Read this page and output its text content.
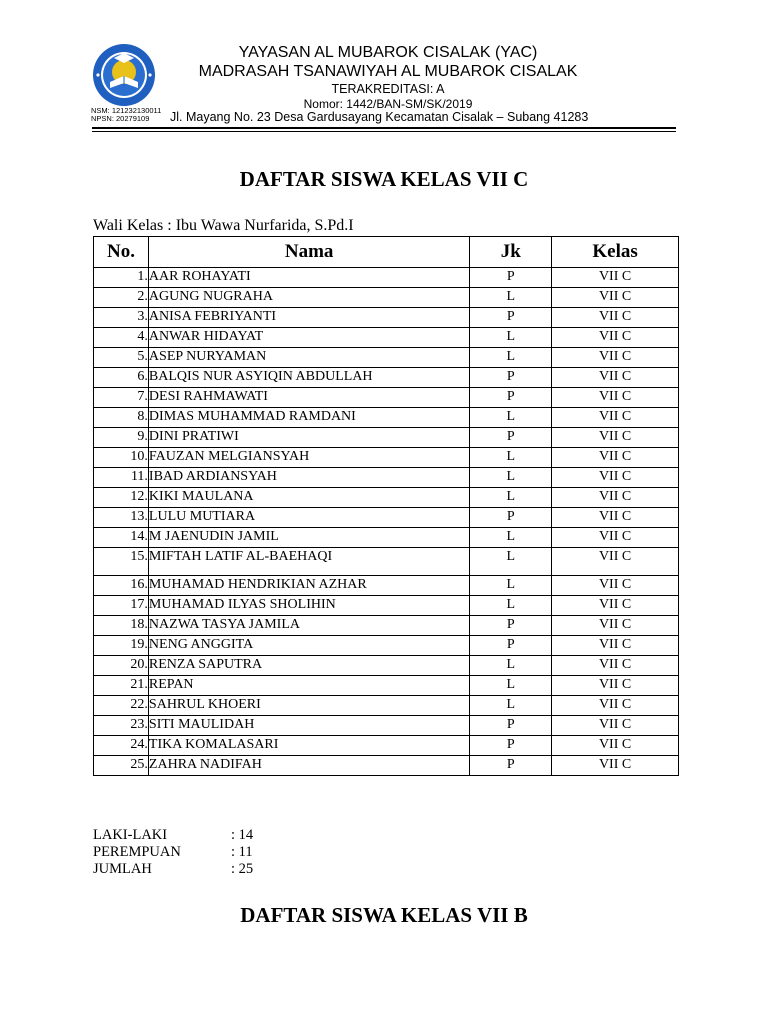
YAYASAN AL MUBAROK CISALAK (YAC)
MADRASAH TSANAWIYAH AL MUBAROK CISALAK
TERAKREDITASI: A
Nomor: 1442/BAN-SM/SK/2019
Jl. Mayang No. 23 Desa Gardusayang Kecamatan Cisalak – Subang 41283
NSM: 121232130011
NPSN: 20279109
DAFTAR SISWA KELAS VII C
Wali Kelas : Ibu Wawa Nurfarida, S.Pd.I
No.	Nama	Jk	Kelas
1.	AAR ROHAYATI	P	VII C
2.	AGUNG NUGRAHA	L	VII C
3.	ANISA FEBRIYANTI	P	VII C
4.	ANWAR HIDAYAT	L	VII C
5.	ASEP NURYAMAN	L	VII C
6.	BALQIS NUR ASYIQIN ABDULLAH	P	VII C
7.	DESI RAHMAWATI	P	VII C
8.	DIMAS MUHAMMAD RAMDANI	L	VII C
9.	DINI PRATIWI	P	VII C
10.	FAUZAN MELGIANSYAH	L	VII C
11.	IBAD ARDIANSYAH	L	VII C
12.	KIKI MAULANA	L	VII C
13.	LULU MUTIARA	P	VII C
14.	M JAENUDIN JAMIL	L	VII C
15.	MIFTAH LATIF AL-BAEHAQI	L	VII C
16.	MUHAMAD HENDRIKIAN AZHAR	L	VII C
17.	MUHAMAD ILYAS SHOLIHIN	L	VII C
18.	NAZWA TASYA JAMILA	P	VII C
19.	NENG ANGGITA	P	VII C
20.	RENZA SAPUTRA	L	VII C
21.	REPAN	L	VII C
22.	SAHRUL KHOERI	L	VII C
23.	SITI MAULIDAH	P	VII C
24.	TIKA KOMALASARI	P	VII C
25.	ZAHRA NADIFAH	P	VII C
LAKI-LAKI	: 14
PEREMPUAN	: 11
JUMLAH	: 25
DAFTAR SISWA KELAS VII B
